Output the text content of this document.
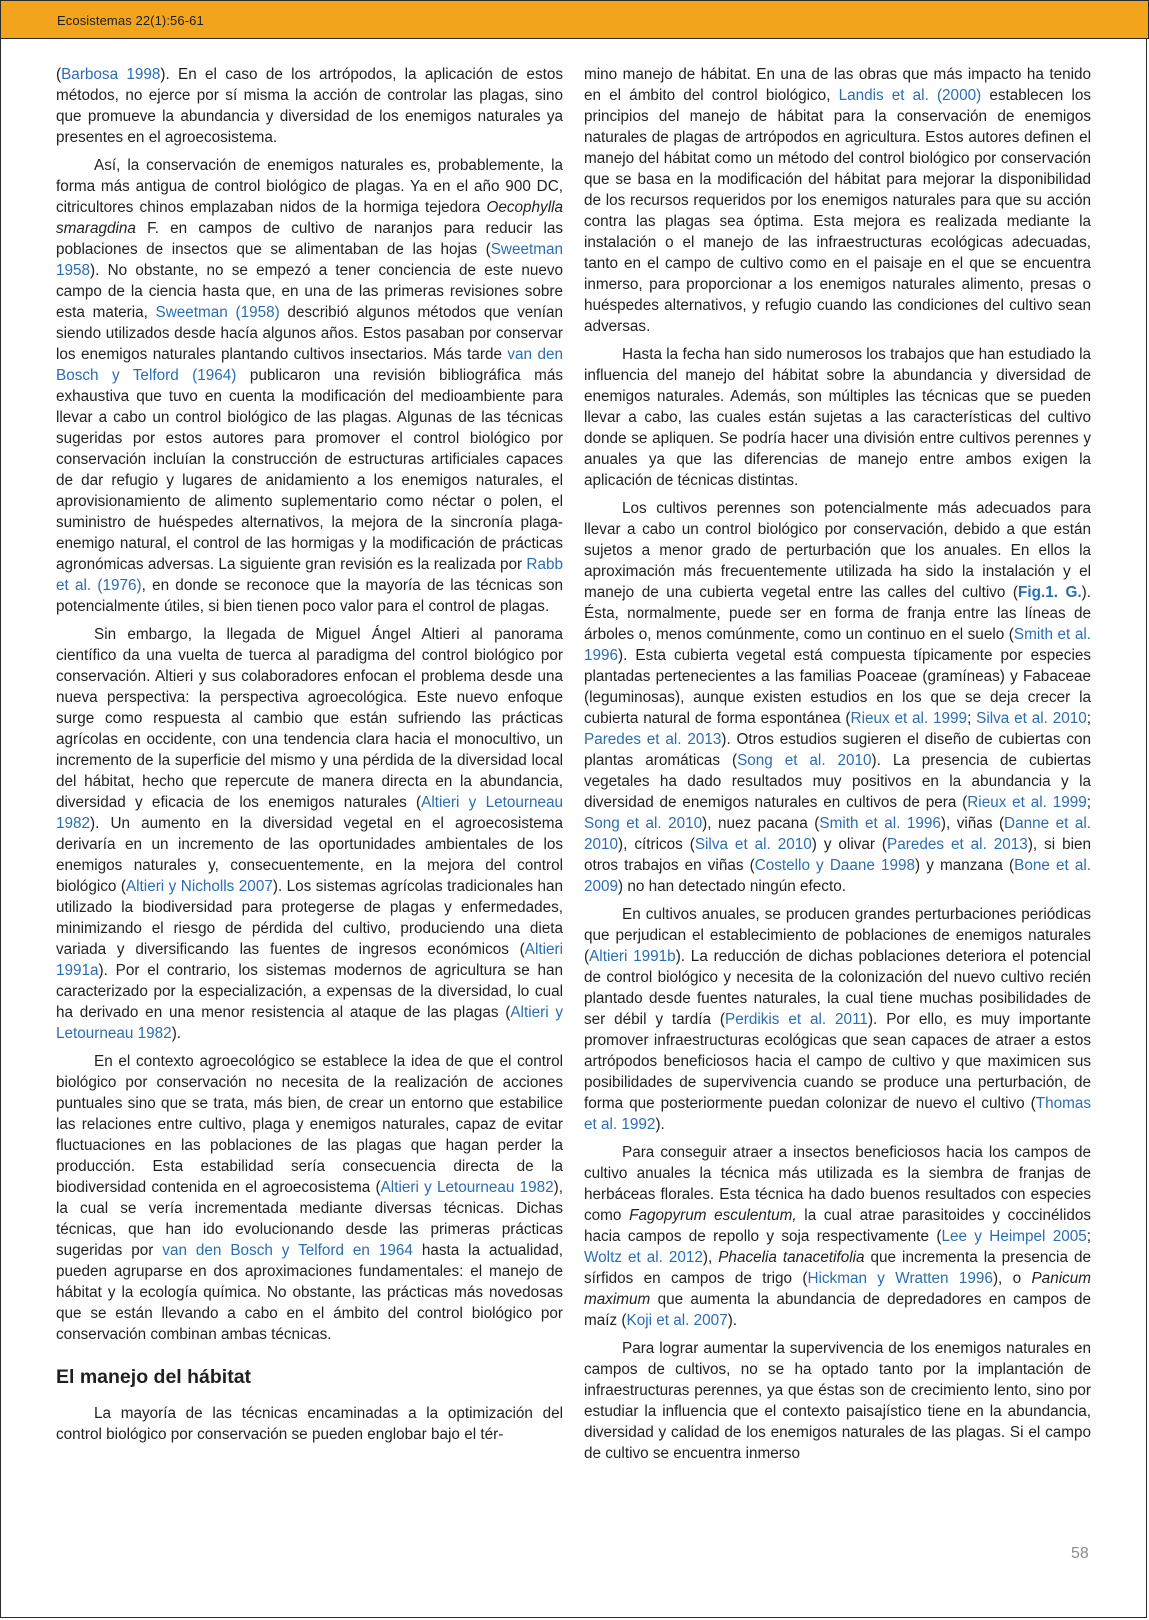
Ecosistemas 22(1):56-61

(Barbosa 1998). En el caso de los artrópodos, la aplicación de estos métodos, no ejerce por sí misma la acción de controlar las plagas, sino que promueve la abundancia y diversidad de los enemigos naturales ya presentes en el agroecosistema.

Así, la conservación de enemigos naturales es, probablemente, la forma más antigua de control biológico de plagas. Ya en el año 900 DC, citricultores chinos emplazaban nidos de la hormiga tejedora Oecophylla smaragdina F. en campos de cultivo de naranjos para reducir las poblaciones de insectos que se alimentaban de las hojas (Sweetman 1958). No obstante, no se empezó a tener conciencia de este nuevo campo de la ciencia hasta que, en una de las primeras revisiones sobre esta materia, Sweetman (1958) describió algunos métodos que venían siendo utilizados desde hacía algunos años. Estos pasaban por conservar los enemigos naturales plantando cultivos insectarios. Más tarde van den Bosch y Telford (1964) publicaron una revisión bibliográfica más exhaustiva que tuvo en cuenta la modificación del medioambiente para llevar a cabo un control biológico de las plagas. Algunas de las técnicas sugeridas por estos autores para promover el control biológico por conservación incluían la construcción de estructuras artificiales capaces de dar refugio y lugares de anidamiento a los enemigos naturales, el aprovisionamiento de alimento suplementario como néctar o polen, el suministro de huéspedes alternativos, la mejora de la sincronía plaga-enemigo natural, el control de las hormigas y la modificación de prácticas agronómicas adversas. La siguiente gran revisión es la realizada por Rabb et al. (1976), en donde se reconoce que la mayoría de las técnicas son potencialmente útiles, si bien tienen poco valor para el control de plagas.

Sin embargo, la llegada de Miguel Ángel Altieri al panorama científico da una vuelta de tuerca al paradigma del control biológico por conservación. Altieri y sus colaboradores enfocan el problema desde una nueva perspectiva: la perspectiva agroecológica. Este nuevo enfoque surge como respuesta al cambio que están sufriendo las prácticas agrícolas en occidente, con una tendencia clara hacia el monocultivo, un incremento de la superficie del mismo y una pérdida de la diversidad local del hábitat, hecho que repercute de manera directa en la abundancia, diversidad y eficacia de los enemigos naturales (Altieri y Letourneau 1982). Un aumento en la diversidad vegetal en el agroecosistema derivaría en un incremento de las oportunidades ambientales de los enemigos naturales y, consecuentemente, en la mejora del control biológico (Altieri y Nicholls 2007). Los sistemas agrícolas tradicionales han utilizado la biodiversidad para protegerse de plagas y enfermedades, minimizando el riesgo de pérdida del cultivo, produciendo una dieta variada y diversificando las fuentes de ingresos económicos (Altieri 1991a). Por el contrario, los sistemas modernos de agricultura se han caracterizado por la especialización, a expensas de la diversidad, lo cual ha derivado en una menor resistencia al ataque de las plagas (Altieri y Letourneau 1982).

En el contexto agroecológico se establece la idea de que el control biológico por conservación no necesita de la realización de acciones puntuales sino que se trata, más bien, de crear un entorno que estabilice las relaciones entre cultivo, plaga y enemigos naturales, capaz de evitar fluctuaciones en las poblaciones de las plagas que hagan perder la producción. Esta estabilidad sería consecuencia directa de la biodiversidad contenida en el agroecosistema (Altieri y Letourneau 1982), la cual se vería incrementada mediante diversas técnicas. Dichas técnicas, que han ido evolucionando desde las primeras prácticas sugeridas por van den Bosch y Telford en 1964 hasta la actualidad, pueden agruparse en dos aproximaciones fundamentales: el manejo de hábitat y la ecología química. No obstante, las prácticas más novedosas que se están llevando a cabo en el ámbito del control biológico por conservación combinan ambas técnicas.

El manejo del hábitat

La mayoría de las técnicas encaminadas a la optimización del control biológico por conservación se pueden englobar bajo el tér-

mino manejo de hábitat. En una de las obras que más impacto ha tenido en el ámbito del control biológico, Landis et al. (2000) establecen los principios del manejo de hábitat para la conservación de enemigos naturales de plagas de artrópodos en agricultura. Estos autores definen el manejo del hábitat como un método del control biológico por conservación que se basa en la modificación del hábitat para mejorar la disponibilidad de los recursos requeridos por los enemigos naturales para que su acción contra las plagas sea óptima. Esta mejora es realizada mediante la instalación o el manejo de las infraestructuras ecológicas adecuadas, tanto en el campo de cultivo como en el paisaje en el que se encuentra inmerso, para proporcionar a los enemigos naturales alimento, presas o huéspedes alternativos, y refugio cuando las condiciones del cultivo sean adversas.

Hasta la fecha han sido numerosos los trabajos que han estudiado la influencia del manejo del hábitat sobre la abundancia y diversidad de enemigos naturales. Además, son múltiples las técnicas que se pueden llevar a cabo, las cuales están sujetas a las características del cultivo donde se apliquen. Se podría hacer una división entre cultivos perennes y anuales ya que las diferencias de manejo entre ambos exigen la aplicación de técnicas distintas.

Los cultivos perennes son potencialmente más adecuados para llevar a cabo un control biológico por conservación, debido a que están sujetos a menor grado de perturbación que los anuales. En ellos la aproximación más frecuentemente utilizada ha sido la instalación y el manejo de una cubierta vegetal entre las calles del cultivo (Fig.1. G.). Ésta, normalmente, puede ser en forma de franja entre las líneas de árboles o, menos comúnmente, como un continuo en el suelo (Smith et al. 1996). Esta cubierta vegetal está compuesta típicamente por especies plantadas pertenecientes a las familias Poaceae (gramíneas) y Fabaceae (leguminosas), aunque existen estudios en los que se deja crecer la cubierta natural de forma espontánea (Rieux et al. 1999; Silva et al. 2010; Paredes et al. 2013). Otros estudios sugieren el diseño de cubiertas con plantas aromáticas (Song et al. 2010). La presencia de cubiertas vegetales ha dado resultados muy positivos en la abundancia y la diversidad de enemigos naturales en cultivos de pera (Rieux et al. 1999; Song et al. 2010), nuez pacana (Smith et al. 1996), viñas (Danne et al. 2010), cítricos (Silva et al. 2010) y olivar (Paredes et al. 2013), si bien otros trabajos en viñas (Costello y Daane 1998) y manzana (Bone et al. 2009) no han detectado ningún efecto.

En cultivos anuales, se producen grandes perturbaciones periódicas que perjudican el establecimiento de poblaciones de enemigos naturales (Altieri 1991b). La reducción de dichas poblaciones deteriora el potencial de control biológico y necesita de la colonización del nuevo cultivo recién plantado desde fuentes naturales, la cual tiene muchas posibilidades de ser débil y tardía (Perdikis et al. 2011). Por ello, es muy importante promover infraestructuras ecológicas que sean capaces de atraer a estos artrópodos beneficiosos hacia el campo de cultivo y que maximicen sus posibilidades de supervivencia cuando se produce una perturbación, de forma que posteriormente puedan colonizar de nuevo el cultivo (Thomas et al. 1992).

Para conseguir atraer a insectos beneficiosos hacia los campos de cultivo anuales la técnica más utilizada es la siembra de franjas de herbáceas florales. Esta técnica ha dado buenos resultados con especies como Fagopyrum esculentum, la cual atrae parasitoides y coccinélidos hacia campos de repollo y soja respectivamente (Lee y Heimpel 2005; Woltz et al. 2012), Phacelia tanacetifolia que incrementa la presencia de sírfidos en campos de trigo (Hickman y Wratten 1996), o Panicum maximum que aumenta la abundancia de depredadores en campos de maíz (Koji et al. 2007).

Para lograr aumentar la supervivencia de los enemigos naturales en campos de cultivos, no se ha optado tanto por la implantación de infraestructuras perennes, ya que éstas son de crecimiento lento, sino por estudiar la influencia que el contexto paisajístico tiene en la abundancia, diversidad y calidad de los enemigos naturales de las plagas. Si el campo de cultivo se encuentra inmerso

58
